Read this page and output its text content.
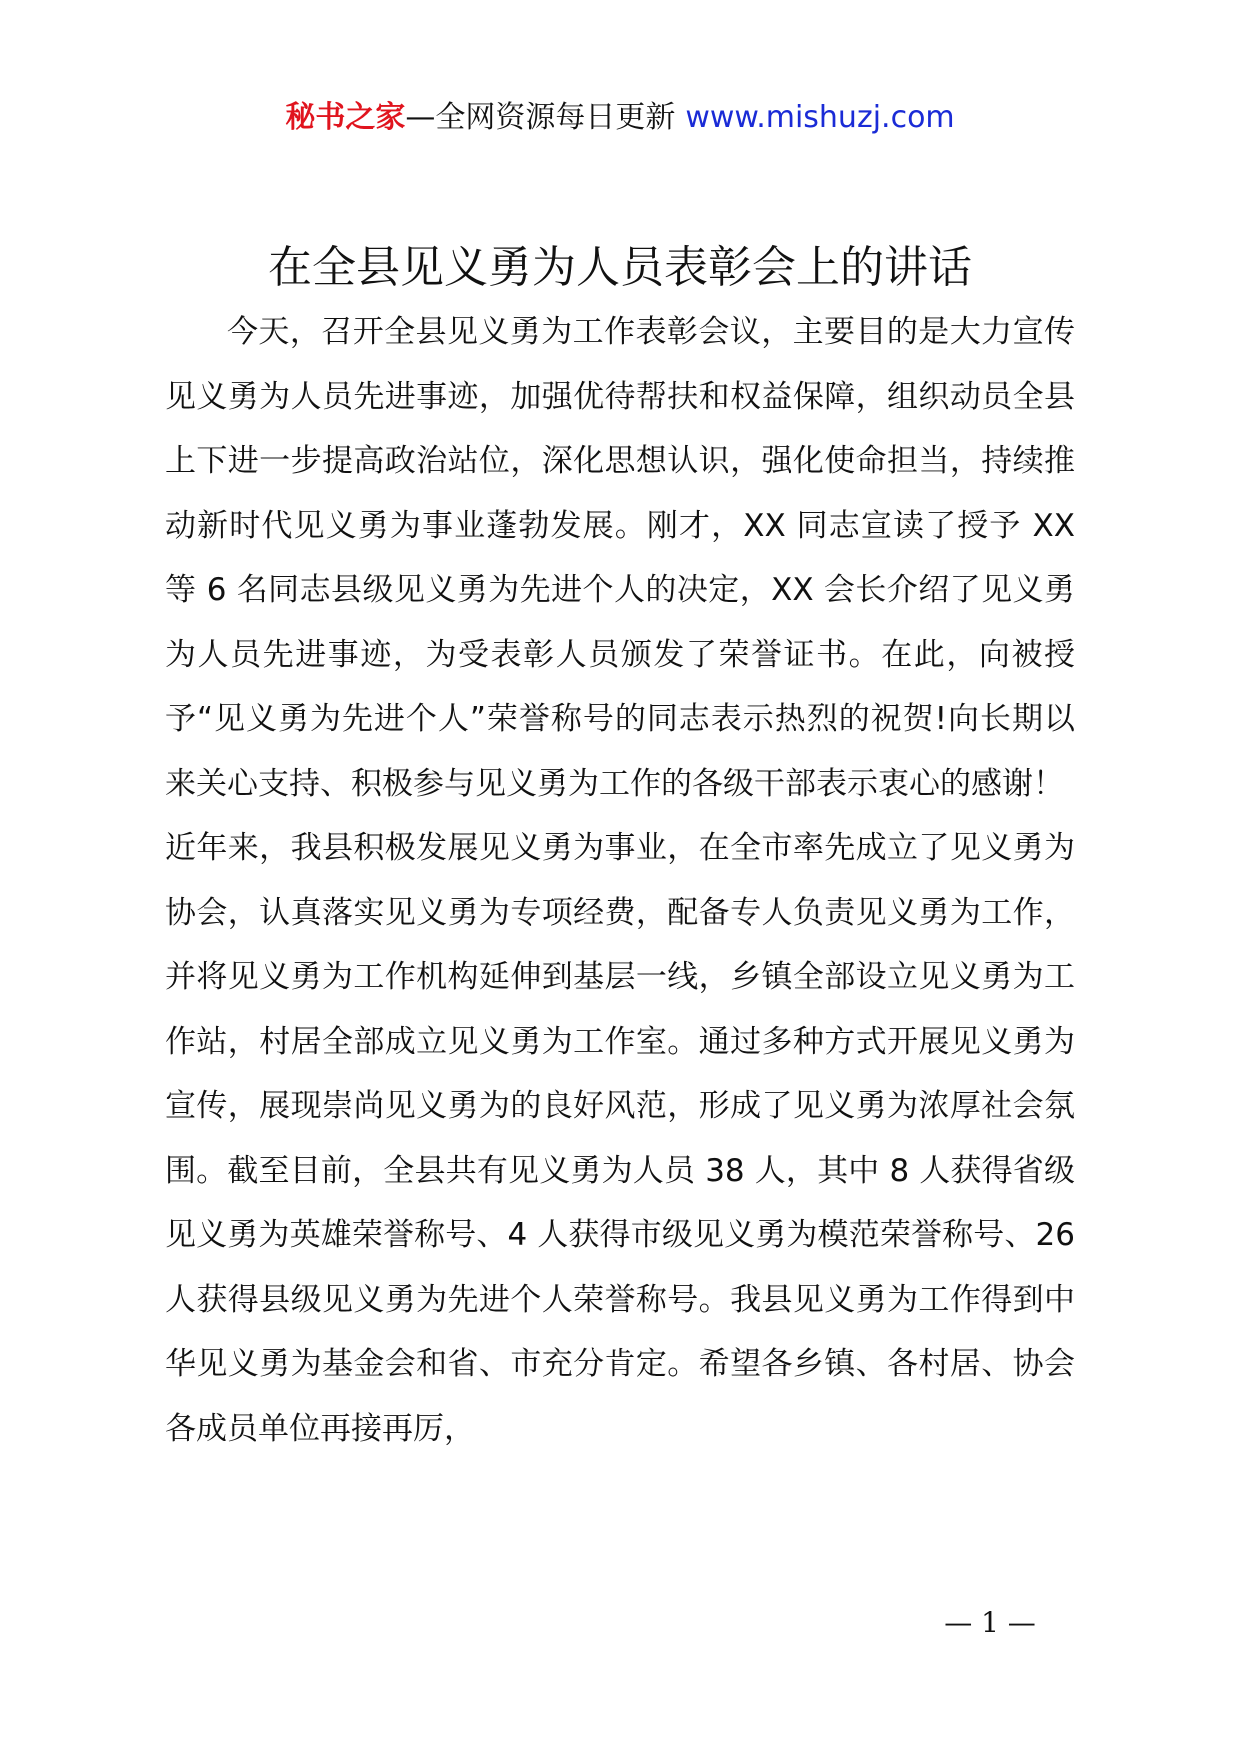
秘书之家—全网资源每日更新 www.mishuzj.com
在全县见义勇为人员表彰会上的讲话

今天，召开全县见义勇为工作表彰会议，主要目的是大力宣传见义勇为人员先进事迹，加强优待帮扶和权益保障，组织动员全县上下进一步提高政治站位，深化思想认识，强化使命担当，持续推动新时代见义勇为事业蓬勃发展。刚才，XX 同志宣读了授予 XX 等 6 名同志县级见义勇为先进个人的决定，XX 会长介绍了见义勇为人员先进事迹，为受表彰人员颁发了荣誉证书。在此，向被授予“见义勇为先进个人”荣誉称号的同志表示热烈的祝贺!向长期以来关心支持、积极参与见义勇为工作的各级干部表示衷心的感谢！

近年来，我县积极发展见义勇为事业，在全市率先成立了见义勇为协会，认真落实见义勇为专项经费，配备专人负责见义勇为工作，并将见义勇为工作机构延伸到基层一线，乡镇全部设立见义勇为工作站，村居全部成立见义勇为工作室。通过多种方式开展见义勇为宣传，展现崇尚见义勇为的良好风范，形成了见义勇为浓厚社会氛围。截至目前，全县共有见义勇为人员 38 人，其中 8 人获得省级见义勇为英雄荣誉称号、4 人获得市级见义勇为模范荣誉称号、26 人获得县级见义勇为先进个人荣誉称号。我县见义勇为工作得到中华见义勇为基金会和省、市充分肯定。希望各乡镇、各村居、协会各成员单位再接再厉，

— 1 —
